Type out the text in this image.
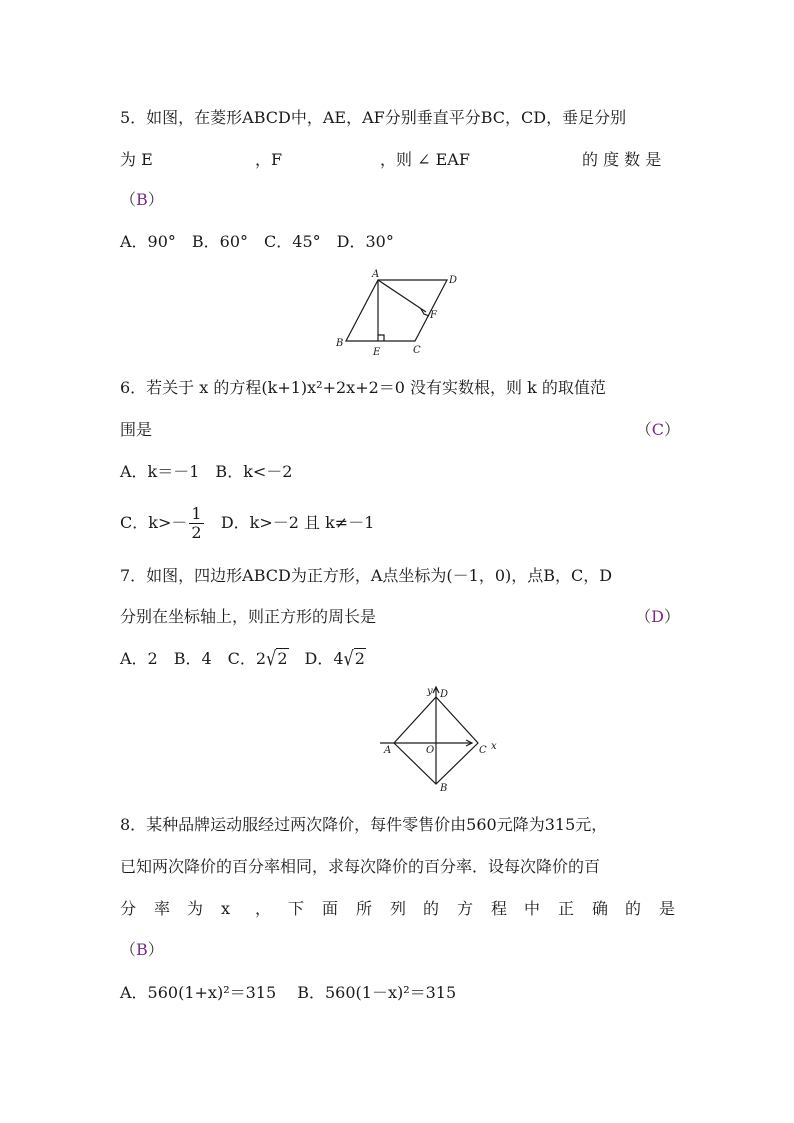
5．如图，在菱形ABCD中，AE，AF分别垂直平分BC，CD，垂足分别
为 E	，F	，则 ∠ EAF	的 度 数 是
（B）
A．90°　B．60°　C．45°　D．30°
A
D
F
B
E	C
6．若关于 x 的方程(k+1)x²+2x+2＝0 没有实数根，则 k 的取值范
围是	（C）
A．k＝－1　B．k<－2
C．$k>- \frac{1}{2}$ D．k>－2 且 k≠－1
7．如图，四边形ABCD为正方形，A点坐标为(－1，0)，点B，C，D
分别在坐标轴上，则正方形的周长是	（D）
A．2　B．4　C．2√2　 D．4√2
y D
A	O	C x
B
8．某种品牌运动服经过两次降价，每件零售价由560元降为315元，
已知两次降价的百分率相同，求每次降价的百分率．设每次降价的百
分 率 为 x ， 下 面 所 列 的 方 程 中 正 确 的 是
（B）
A．560(1+x)²＝315　 B．560(1－x)²＝315
